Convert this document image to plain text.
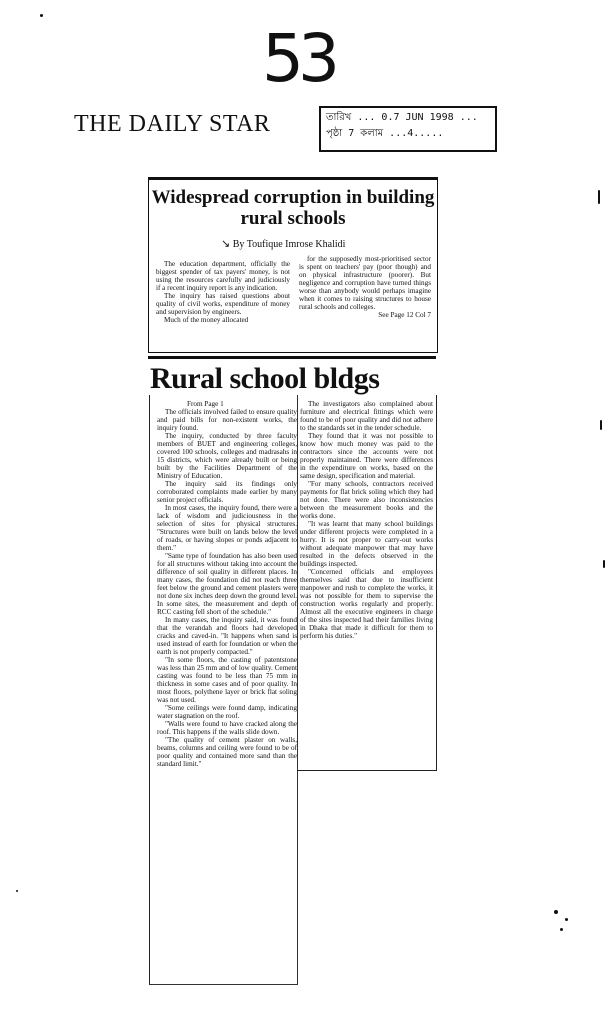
53
THE DAILY STAR	তারিখ ... 0.7 JUN 1998 ...
পৃষ্ঠা 7 কলাম ...4.....
Widespread corruption in building rural schools
↘ By Toufique Imrose Khalidi

The education department, officially the biggest spender of tax payers' money, is not using the resources carefully and judiciously if a recent inquiry report is any indication.

The inquiry has raised questions about quality of civil works, expenditure of money and supervision by engineers.

Much of the money allocated

for the supposedly most-prioritised sector is spent on teachers' pay (poor though) and on physical infrastructure (poorer). But negligence and corruption have turned things worse than anybody would perhaps imagine when it comes to raising structures to house rural schools and colleges.

See Page 12 Col 7

Rural school bldgs

From Page 1

The officials involved failed to ensure quality and paid bills for non-existent works, the inquiry found.

The inquiry, conducted by three faculty members of BUET and engineering colleges, covered 100 schools, colleges and madrasahs in 15 districts, which were already built or being built by the Facilities Department of the Ministry of Education.

The inquiry said its findings only corroborated complaints made earlier by many senior project officials.

In most cases, the inquiry found, there were a lack of wisdom and judiciousness in the selection of sites for physical structures. "Structures were built on lands below the level of roads, or having slopes or ponds adjacent to them."

"Same type of foundation has also been used for all structures without taking into account the difference of soil quality in different places. In many cases, the foundation did not reach three feet below the ground and cement plasters were not done six inches deep down the ground level. In some sites, the measurement and depth of RCC casting fell short of the schedule."

In many cases, the inquiry said, it was found that the verandah and floors had developed cracks and caved-in. "It happens when sand is used instead of earth for foundation or when the earth is not properly compacted."

"In some floors, the casting of patentstone was less than 25 mm and of low quality. Cement casting was found to be less than 75 mm in thickness in some cases and of poor quality. In most floors, polythene layer or brick flat soling was not used.

"Some ceilings were found damp, indicating water stagnation on the roof.

"Walls were found to have cracked along the roof. This happens if the walls slide down.

"The quality of cement plaster on walls, beams, columns and ceiling were found to be of poor quality and contained more sand than the standard limit."

The investigators also complained about furniture and electrical fittings which were found to be of poor quality and did not adhere to the standards set in the tender schedule.

They found that it was not possible to know how much money was paid to the contractors since the accounts were not properly maintained. There were differences in the expenditure on works, based on the same design, specification and material.

"For many schools, contractors received payments for flat brick soling which they had not done. There were also inconsistencies between the measurement books and the works done.

"It was learnt that many school buildings under different projects were completed in a hurry. It is not proper to carry-out works without adequate manpower that may have resulted in the defects observed in the buildings inspected.

"Concerned officials and employees themselves said that due to insufficient manpower and rush to complete the works, it was not possible for them to supervise the construction works regularly and properly. Almost all the executive engineers in charge of the sites inspected had their families living in Dhaka that made it difficult for them to perform his duties."
